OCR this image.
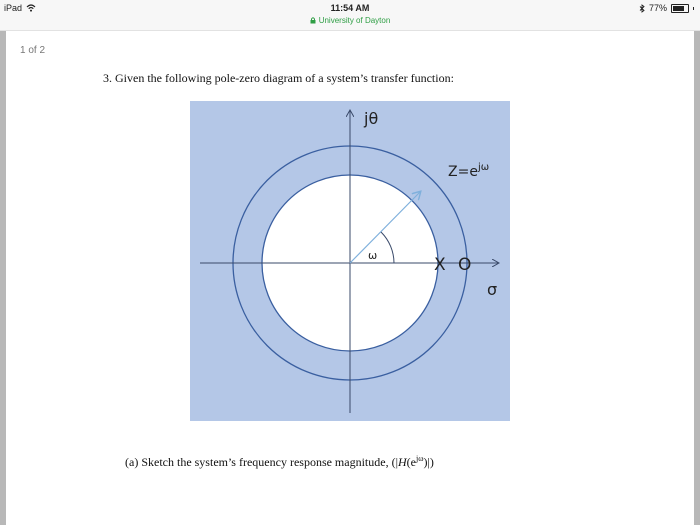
iPad	11:54 AM
University of Dayton
77%
1 of 2
3. Given the following pole-zero diagram of a system’s transfer function:
ω
jθ
σ
$Z=e^{j\omega}$
X O
(a) Sketch the system’s frequency response magnitude, $(|H(e^{j\omega})|)$
